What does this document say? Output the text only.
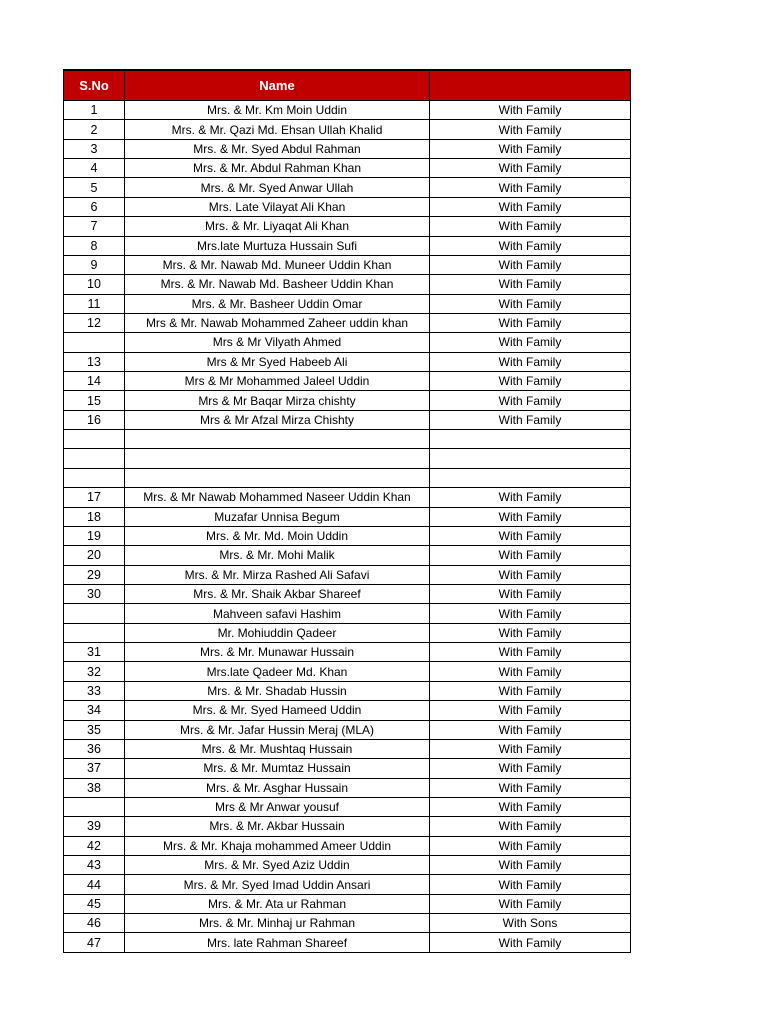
S.No	Name	
1	Mrs. & Mr. Km Moin Uddin	With Family
2	Mrs. & Mr. Qazi Md. Ehsan Ullah Khalid	With Family
3	Mrs. & Mr. Syed Abdul Rahman	With Family
4	Mrs. & Mr. Abdul Rahman Khan	With Family
5	Mrs. & Mr. Syed Anwar Ullah	With Family
6	Mrs. Late Vilayat Ali Khan	With Family
7	Mrs. & Mr. Liyaqat Ali Khan	With Family
8	Mrs.late Murtuza Hussain Sufi	With Family
9	Mrs. & Mr. Nawab Md. Muneer Uddin Khan	With Family
10	Mrs. & Mr. Nawab Md. Basheer Uddin Khan	With Family
11	Mrs. & Mr. Basheer Uddin Omar	With Family
12	Mrs & Mr. Nawab Mohammed Zaheer uddin khan	With Family
	Mrs & Mr Vilyath Ahmed	With Family
13	Mrs & Mr Syed Habeeb Ali	With Family
14	Mrs & Mr Mohammed Jaleel Uddin	With Family
15	Mrs & Mr Baqar Mirza chishty	With Family
16	Mrs & Mr Afzal Mirza Chishty	With Family

17	Mrs. & Mr Nawab Mohammed Naseer Uddin Khan	With Family
18	Muzafar Unnisa Begum	With Family
19	Mrs. & Mr. Md. Moin Uddin	With Family
20	Mrs. & Mr. Mohi Malik	With Family
29	Mrs. & Mr. Mirza Rashed Ali Safavi	With Family
30	Mrs. & Mr. Shaik Akbar Shareef	With Family
	Mahveen safavi Hashim	With Family
	Mr. Mohiuddin Qadeer	With Family
31	Mrs. & Mr. Munawar Hussain	With Family
32	Mrs.late Qadeer Md. Khan	With Family
33	Mrs. & Mr. Shadab Hussin	With Family
34	Mrs. & Mr. Syed Hameed Uddin	With Family
35	Mrs. & Mr. Jafar Hussin Meraj (MLA)	With Family
36	Mrs. & Mr. Mushtaq Hussain	With Family
37	Mrs. & Mr. Mumtaz Hussain	With Family
38	Mrs. & Mr. Asghar Hussain	With Family
	Mrs & Mr Anwar yousuf	With Family
39	Mrs. & Mr. Akbar Hussain	With Family
42	Mrs. & Mr. Khaja mohammed Ameer Uddin	With Family
43	Mrs. & Mr. Syed Aziz Uddin	With Family
44	Mrs. & Mr. Syed Imad Uddin Ansari	With Family
45	Mrs. & Mr. Ata ur Rahman	With Family
46	Mrs. & Mr. Minhaj ur Rahman	With Sons
47	Mrs. late Rahman Shareef	With Family
